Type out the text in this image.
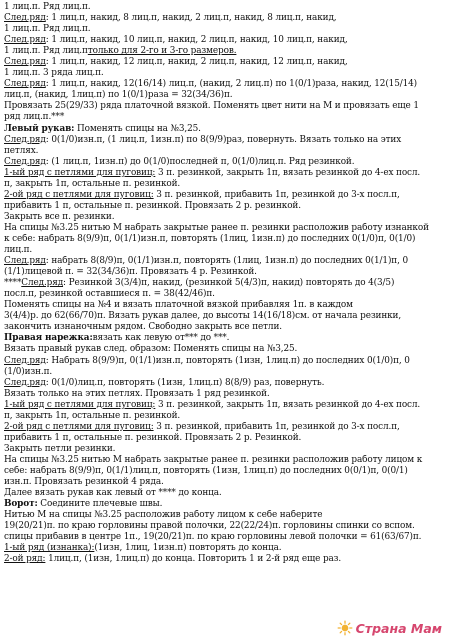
1 лиц.п. Ряд лиц.п.
След.ряд: 1 лиц.п, накид, 8 лиц.п, накид, 2 лиц.п, накид, 8 лиц.п, накид,
1 лиц.п. Ряд лиц.п.
След.ряд: 1 лиц.п, накид, 10 лиц.п, накид, 2 лиц.п, накид, 10 лиц.п, накид,
1 лиц.п. Ряд лиц.птолько для 2-го и 3-го размеров.
След.ряд: 1 лиц.п, накид, 12 лиц.п, накид, 2 лиц.п, накид, 12 лиц.п, накид,
1 лиц.п. 3 ряда лиц.п.
След.ряд: 1 лиц.п, накид, 12(16/14) лиц.п, (накид, 2 лиц.п) по 1(0/1)раза, накид, 12(15/14)
лиц.п, (накид, 1лиц.п) по 1(0/1)раза = 32(34/36)п.
Провязать 25(29/33) ряда платочной вязкой. Поменять цвет нити на М и провязать еще 1
ряд лиц.п.***
Левый рукав: Поменять спицы на №3,25.
След.ряд: 0(1/0)изн.п, (1 лиц.п, 1изн.п) по 8(9/9)раз, повернуть. Вязать только на этих
петлях.
След.ряд: (1 лиц.п, 1изн.п) до 0(1/0)последней п, 0(1/0)лиц.п. Ряд резинкой.
1-ый ряд с петлями для пуговиц: 3 п. резинкой, закрыть 1п, вязать резинкой до 4-ех посл.
п, закрыть 1п, остальные п. резинкой.
2-ой ряд с петлями для пуговиц: 3 п. резинкой, прибавить 1п, резинкой до 3-х посл.п,
прибавить 1 п, остальные п. резинкой. Провязать 2 р. резинкой.
Закрыть все п. резинки.
На спицы №3.25 нитью М набрать закрытые ранее п. резинки расположив работу изнанкой
к себе: набрать 8(9/9)п, 0(1/1)изн.п, повторять (1лиц, 1изн.п) до последних 0(1/0)п, 0(1/0)
лиц.п.
След.ряд: набрать 8(8/9)п, 0(1/1)изн.п, повторять (1лиц, 1изн.п) до последних 0(1/1)п, 0
(1/1)лицевой п. = 32(34/36)п. Провязать 4 р. Резинкой.
****След.ряд: Резинкой 3(3/4)п, накид, (резинкой 5(4/3)п, накид) повторять до 4(3/5)
посл.п, резинкой оставшиеся п. = 38(42/46)п.
Поменять спицы на №4 и вязать платочной вязкой прибавляя 1п. в каждом
3(4/4)р. до 62(66/70)п. Вязать рукав далее, до высоты 14(16/18)см. от начала резинки,
закончить изнаночным рядом. Свободно закрыть все петли.
Правая нарежка:вязать как левую от*** до ***.
Вязать правый рукав след. образом: Поменять спицы на №3,25.
След.ряд: Набрать 8(9/9)п, 0(1/1)изн.п, повторять (1изн, 1лиц.п) до последних 0(1/0)п, 0
(1/0)изн.п.
След.ряд: 0(1/0)лиц.п, повторять (1изн, 1лиц.п) 8(8/9) раз, повернуть.
Вязать только на этих петлях. Провязать 1 ряд резинкой.
1-ый ряд с петлями для пуговиц: 3 п. резинкой, закрыть 1п, вязать резинкой до 4-ех посл.
п, закрыть 1п, остальные п. резинкой.
2-ой ряд с петлями для пуговиц: 3 п. резинкой, прибавить 1п, резинкой до 3-х посл.п,
прибавить 1 п, остальные п. резинкой. Провязать 2 р. Резинкой.
Закрыть петли резинки.
На спицы №3.25 нитью М набрать закрытые ранее п. резинки расположив работу лицом к
себе: набрать 8(9/9)п, 0(1/1)лиц.п, повторять (1изн, 1лиц.п) до последних 0(0/1)п, 0(0/1)
изн.п. Провязать резинкой 4 ряда.
Далее вязать рукав как левый от **** до конца.
Ворот: Соедините плечевые швы.
Нитью М на спицы №3.25 расположив работу лицом к себе наберите
19(20/21)п. по краю горловины правой полочки, 22(22/24)п. горловины спинки со вспом.
спицы прибавив в центре 1п., 19(20/21)п. по краю горловины левой полочки = 61(63/67)п.
1-ый ряд (изнанка):(1изн, 1лиц, 1изн.п) повторять до конца.
2-ой ряд: 1лиц.п, (1изн, 1лиц.п) до конца. Повторить 1 и 2-й ряд еще раз.
Страна Мам
